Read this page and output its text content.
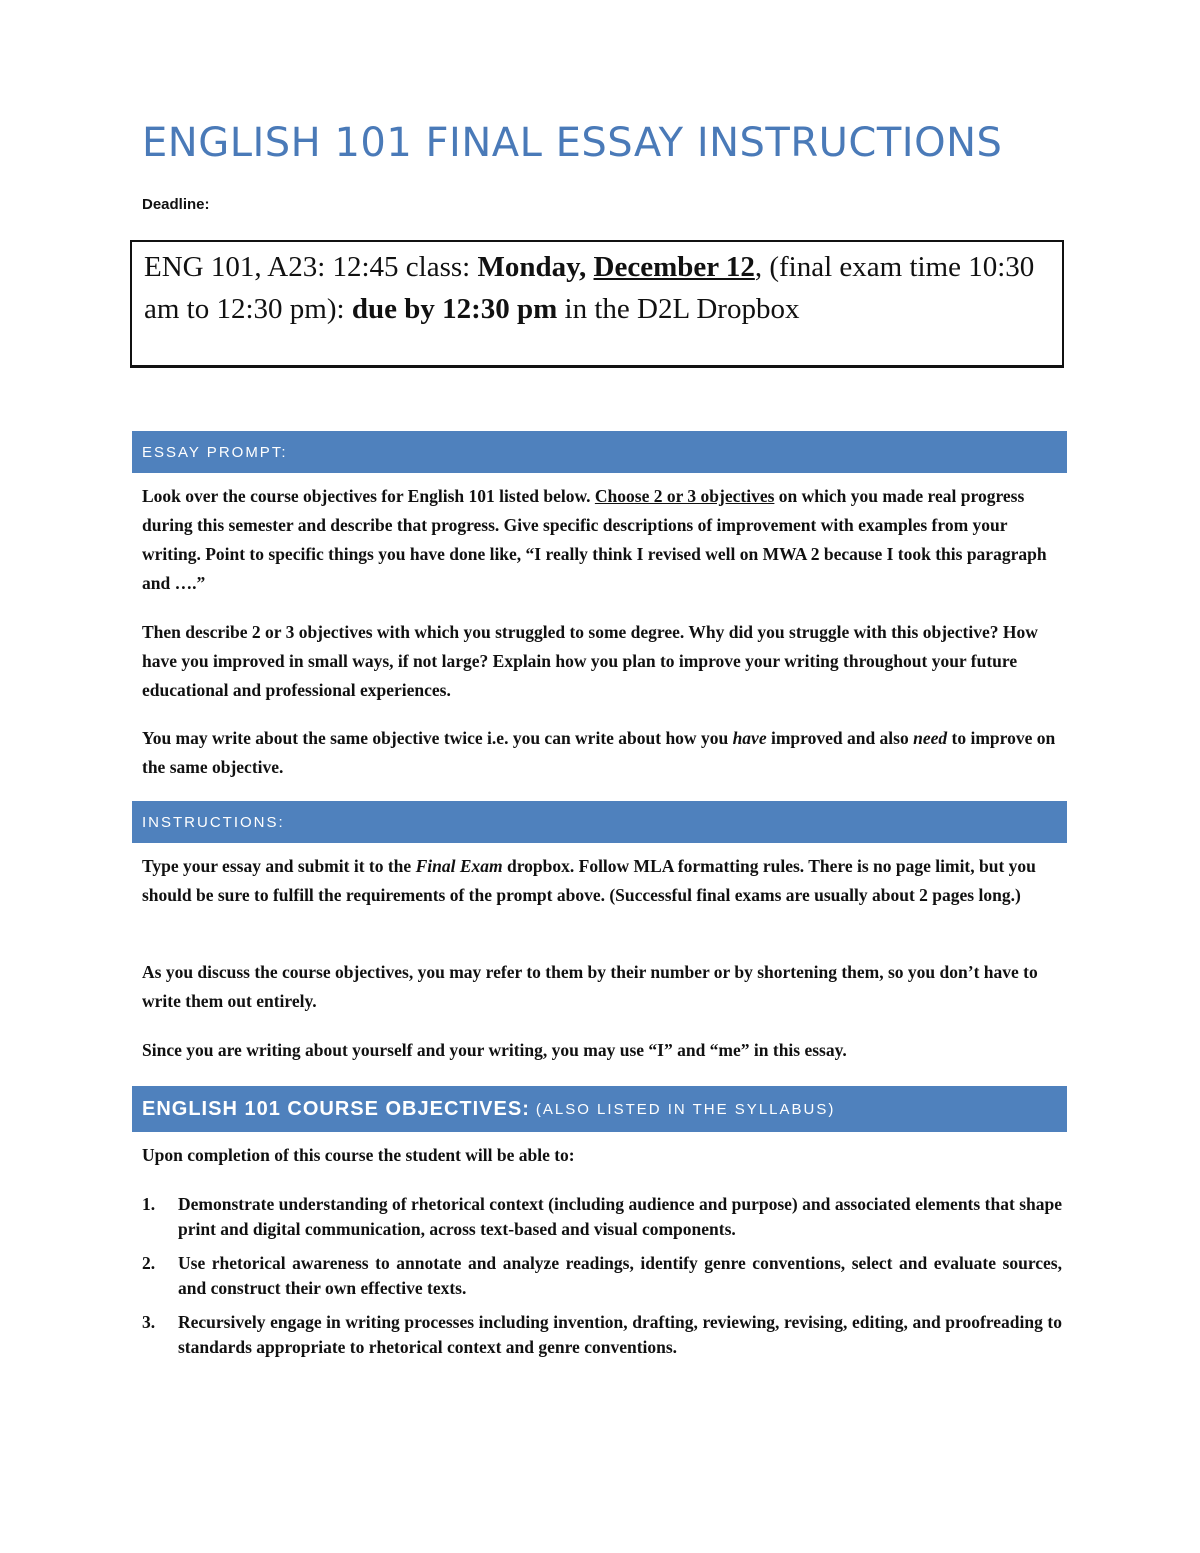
ENGLISH 101 FINAL ESSAY INSTRUCTIONS
Deadline:
ENG 101, A23: 12:45 class: Monday, December 12, (final exam time 10:30 am to 12:30 pm): due by 12:30 pm in the D2L Dropbox
ESSAY PROMPT:
Look over the course objectives for English 101 listed below. Choose 2 or 3 objectives on which you made real progress during this semester and describe that progress. Give specific descriptions of improvement with examples from your writing. Point to specific things you have done like, “I really think I revised well on MWA 2 because I took this paragraph and ….”
Then describe 2 or 3 objectives with which you struggled to some degree. Why did you struggle with this objective? How have you improved in small ways, if not large? Explain how you plan to improve your writing throughout your future educational and professional experiences.
You may write about the same objective twice i.e. you can write about how you have improved and also need to improve on the same objective.
INSTRUCTIONS:
Type your essay and submit it to the Final Exam dropbox. Follow MLA formatting rules. There is no page limit, but you should be sure to fulfill the requirements of the prompt above. (Successful final exams are usually about 2 pages long.)
As you discuss the course objectives, you may refer to them by their number or by shortening them, so you don’t have to write them out entirely.
Since you are writing about yourself and your writing, you may use “I” and “me” in this essay.
ENGLISH 101 COURSE OBJECTIVES: (ALSO LISTED IN THE SYLLABUS)
Upon completion of this course the student will be able to:
1.	Demonstrate understanding of rhetorical context (including audience and purpose) and associated elements that shape print and digital communication, across text-based and visual components.
2.	Use rhetorical awareness to annotate and analyze readings, identify genre conventions, select and evaluate sources, and construct their own effective texts.
3.	Recursively engage in writing processes including invention, drafting, reviewing, revising, editing, and proofreading to standards appropriate to rhetorical context and genre conventions.
